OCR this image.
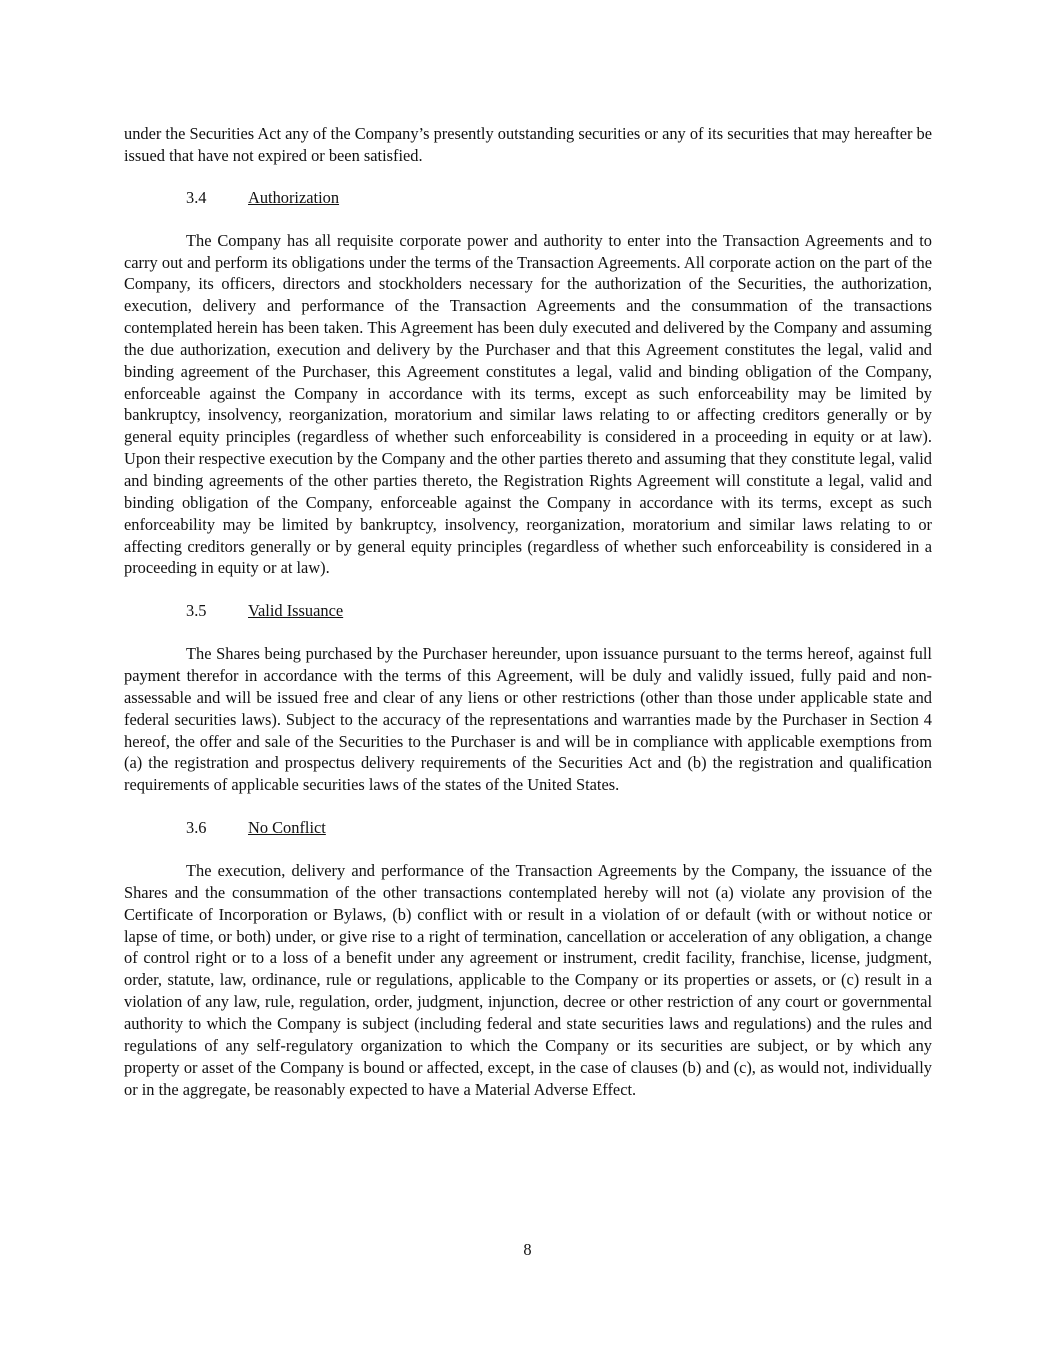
under the Securities Act any of the Company’s presently outstanding securities or any of its securities that may hereafter be issued that have not expired or been satisfied.

3.4	Authorization

The Company has all requisite corporate power and authority to enter into the Transaction Agreements and to carry out and perform its obligations under the terms of the Transaction Agreements. All corporate action on the part of the Company, its officers, directors and stockholders necessary for the authorization of the Securities, the authorization, execution, delivery and performance of the Transaction Agreements and the consummation of the transactions contemplated herein has been taken. This Agreement has been duly executed and delivered by the Company and assuming the due authorization, execution and delivery by the Purchaser and that this Agreement constitutes the legal, valid and binding agreement of the Purchaser, this Agreement constitutes a legal, valid and binding obligation of the Company, enforceable against the Company in accordance with its terms, except as such enforceability may be limited by bankruptcy, insolvency, reorganization, moratorium and similar laws relating to or affecting creditors generally or by general equity principles (regardless of whether such enforceability is considered in a proceeding in equity or at law). Upon their respective execution by the Company and the other parties thereto and assuming that they constitute legal, valid and binding agreements of the other parties thereto, the Registration Rights Agreement will constitute a legal, valid and binding obligation of the Company, enforceable against the Company in accordance with its terms, except as such enforceability may be limited by bankruptcy, insolvency, reorganization, moratorium and similar laws relating to or affecting creditors generally or by general equity principles (regardless of whether such enforceability is considered in a proceeding in equity or at law).

3.5	Valid Issuance

The Shares being purchased by the Purchaser hereunder, upon issuance pursuant to the terms hereof, against full payment therefor in accordance with the terms of this Agreement, will be duly and validly issued, fully paid and non-assessable and will be issued free and clear of any liens or other restrictions (other than those under applicable state and federal securities laws). Subject to the accuracy of the representations and warranties made by the Purchaser in Section 4 hereof, the offer and sale of the Securities to the Purchaser is and will be in compliance with applicable exemptions from (a) the registration and prospectus delivery requirements of the Securities Act and (b) the registration and qualification requirements of applicable securities laws of the states of the United States.

3.6	No Conflict

The execution, delivery and performance of the Transaction Agreements by the Company, the issuance of the Shares and the consummation of the other transactions contemplated hereby will not (a) violate any provision of the Certificate of Incorporation or Bylaws, (b) conflict with or result in a violation of or default (with or without notice or lapse of time, or both) under, or give rise to a right of termination, cancellation or acceleration of any obligation, a change of control right or to a loss of a benefit under any agreement or instrument, credit facility, franchise, license, judgment, order, statute, law, ordinance, rule or regulations, applicable to the Company or its properties or assets, or (c) result in a violation of any law, rule, regulation, order, judgment, injunction, decree or other restriction of any court or governmental authority to which the Company is subject (including federal and state securities laws and regulations) and the rules and regulations of any self-regulatory organization to which the Company or its securities are subject, or by which any property or asset of the Company is bound or affected, except, in the case of clauses (b) and (c), as would not, individually or in the aggregate, be reasonably expected to have a Material Adverse Effect.

8
